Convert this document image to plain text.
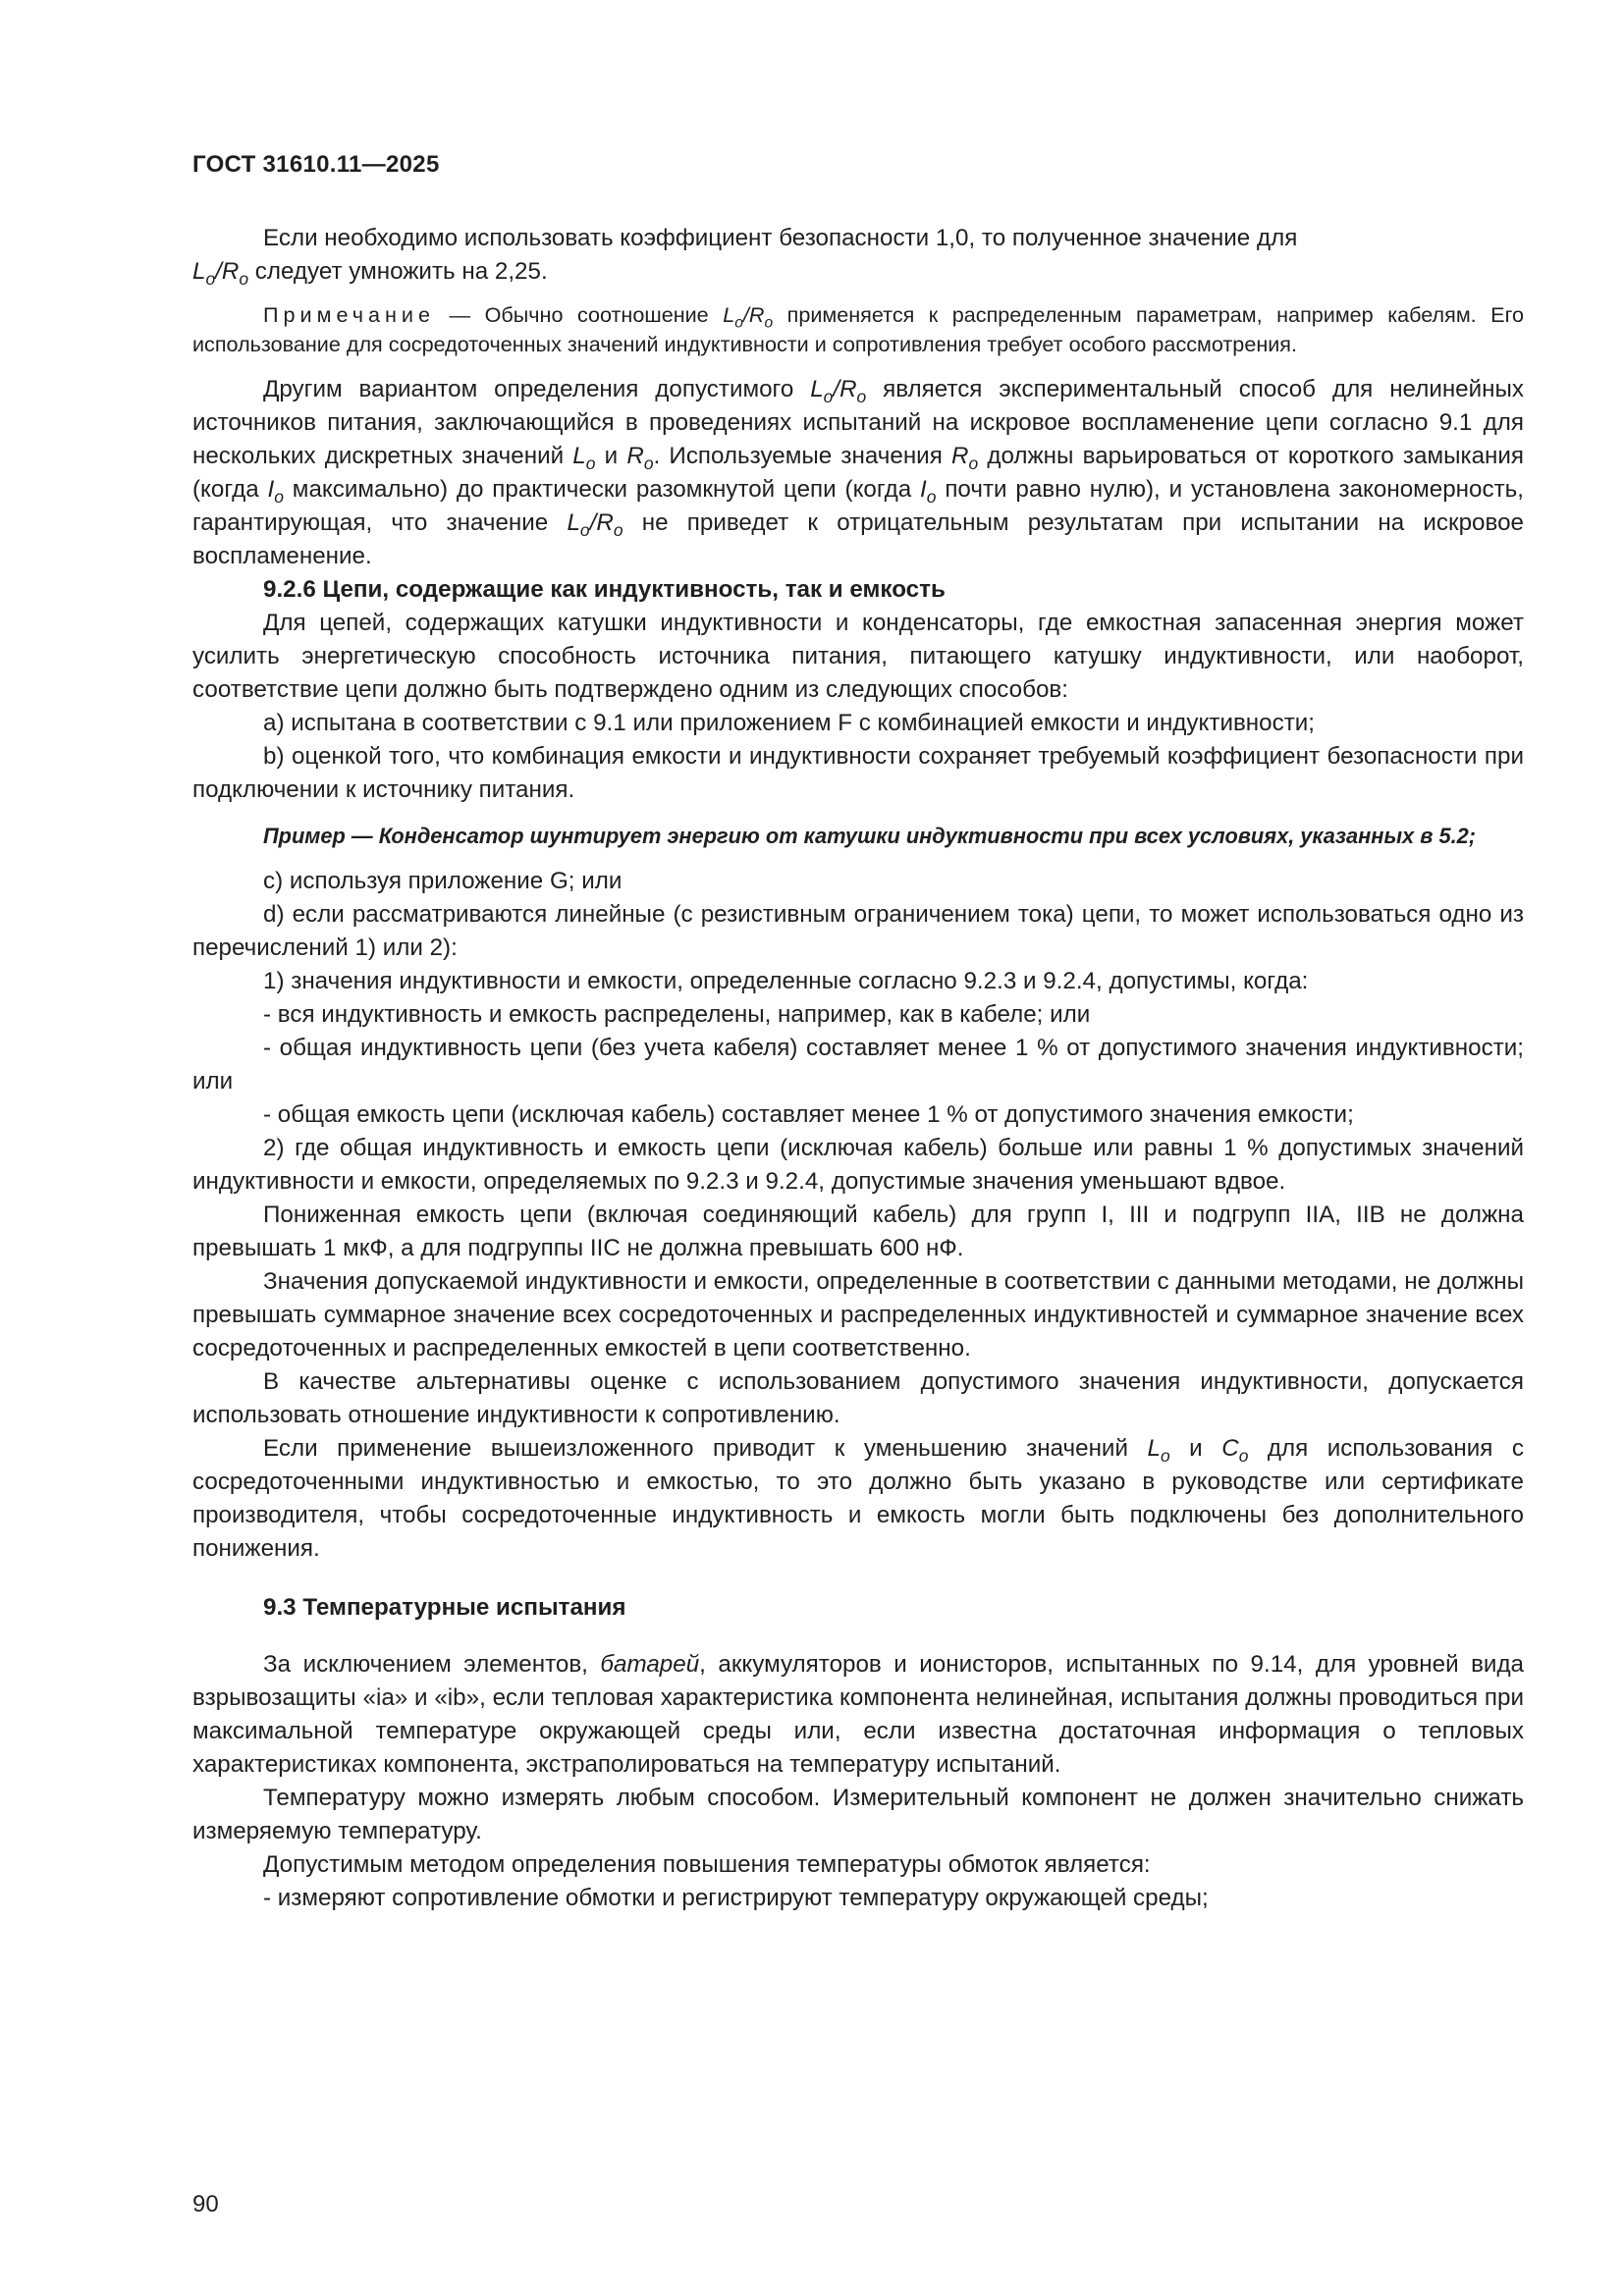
ГОСТ 31610.11—2025

Если необходимо использовать коэффициент безопасности 1,0, то полученное значение для
$L_o/R_o$ следует умножить на 2,25.

Примечание — Обычно соотношение $L_o/R_o$ применяется к распределенным параметрам, например кабелям. Его использование для сосредоточенных значений индуктивности и сопротивления требует особого рассмотрения.

Другим вариантом определения допустимого $L_o/R_o$ является экспериментальный способ для нелинейных источников питания, заключающийся в проведениях испытаний на искровое воспламенение цепи согласно 9.1 для нескольких дискретных значений $L_o$ и $R_o$. Используемые значения $R_o$ должны варьироваться от короткого замыкания (когда $I_o$ максимально) до практически разомкнутой цепи (когда $I_o$ почти равно нулю), и установлена закономерность, гарантирующая, что значение $L_o/R_o$ не приведет к отрицательным результатам при испытании на искровое воспламенение.

9.2.6 Цепи, содержащие как индуктивность, так и емкость

Для цепей, содержащих катушки индуктивности и конденсаторы, где емкостная запасенная энергия может усилить энергетическую способность источника питания, питающего катушку индуктивности, или наоборот, соответствие цепи должно быть подтверждено одним из следующих способов:

а) испытана в соответствии с 9.1 или приложением F с комбинацией емкости и индуктивности;

b) оценкой того, что комбинация емкости и индуктивности сохраняет требуемый коэффициент безопасности при подключении к источнику питания.

Пример — Конденсатор шунтирует энергию от катушки индуктивности при всех условиях, указанных в 5.2;

с) используя приложение G; или

d) если рассматриваются линейные (с резистивным ограничением тока) цепи, то может использоваться одно из перечислений 1) или 2):

1) значения индуктивности и емкости, определенные согласно 9.2.3 и 9.2.4, допустимы, когда:

- вся индуктивность и емкость распределены, например, как в кабеле; или

- общая индуктивность цепи (без учета кабеля) составляет менее 1 % от допустимого значения индуктивности; или

- общая емкость цепи (исключая кабель) составляет менее 1 % от допустимого значения емкости;

2) где общая индуктивность и емкость цепи (исключая кабель) больше или равны 1 % допустимых значений индуктивности и емкости, определяемых по 9.2.3 и 9.2.4, допустимые значения уменьшают вдвое.

Пониженная емкость цепи (включая соединяющий кабель) для групп I, III и подгрупп IIA, IIB не должна превышать 1 мкФ, а для подгруппы IIC не должна превышать 600 нФ.

Значения допускаемой индуктивности и емкости, определенные в соответствии с данными методами, не должны превышать суммарное значение всех сосредоточенных и распределенных индуктивностей и суммарное значение всех сосредоточенных и распределенных емкостей в цепи соответственно.

В качестве альтернативы оценке с использованием допустимого значения индуктивности, допускается использовать отношение индуктивности к сопротивлению.

Если применение вышеизложенного приводит к уменьшению значений $L_o$ и $C_o$ для использования с сосредоточенными индуктивностью и емкостью, то это должно быть указано в руководстве или сертификате производителя, чтобы сосредоточенные индуктивность и емкость могли быть подключены без дополнительного понижения.

9.3 Температурные испытания

За исключением элементов, батарей, аккумуляторов и ионисторов, испытанных по 9.14, для уровней вида взрывозащиты «ia» и «ib», если тепловая характеристика компонента нелинейная, испытания должны проводиться при максимальной температуре окружающей среды или, если известна достаточная информация о тепловых характеристиках компонента, экстраполироваться на температуру испытаний.

Температуру можно измерять любым способом. Измерительный компонент не должен значительно снижать измеряемую температуру.

Допустимым методом определения повышения температуры обмоток является:

- измеряют сопротивление обмотки и регистрируют температуру окружающей среды;

90
